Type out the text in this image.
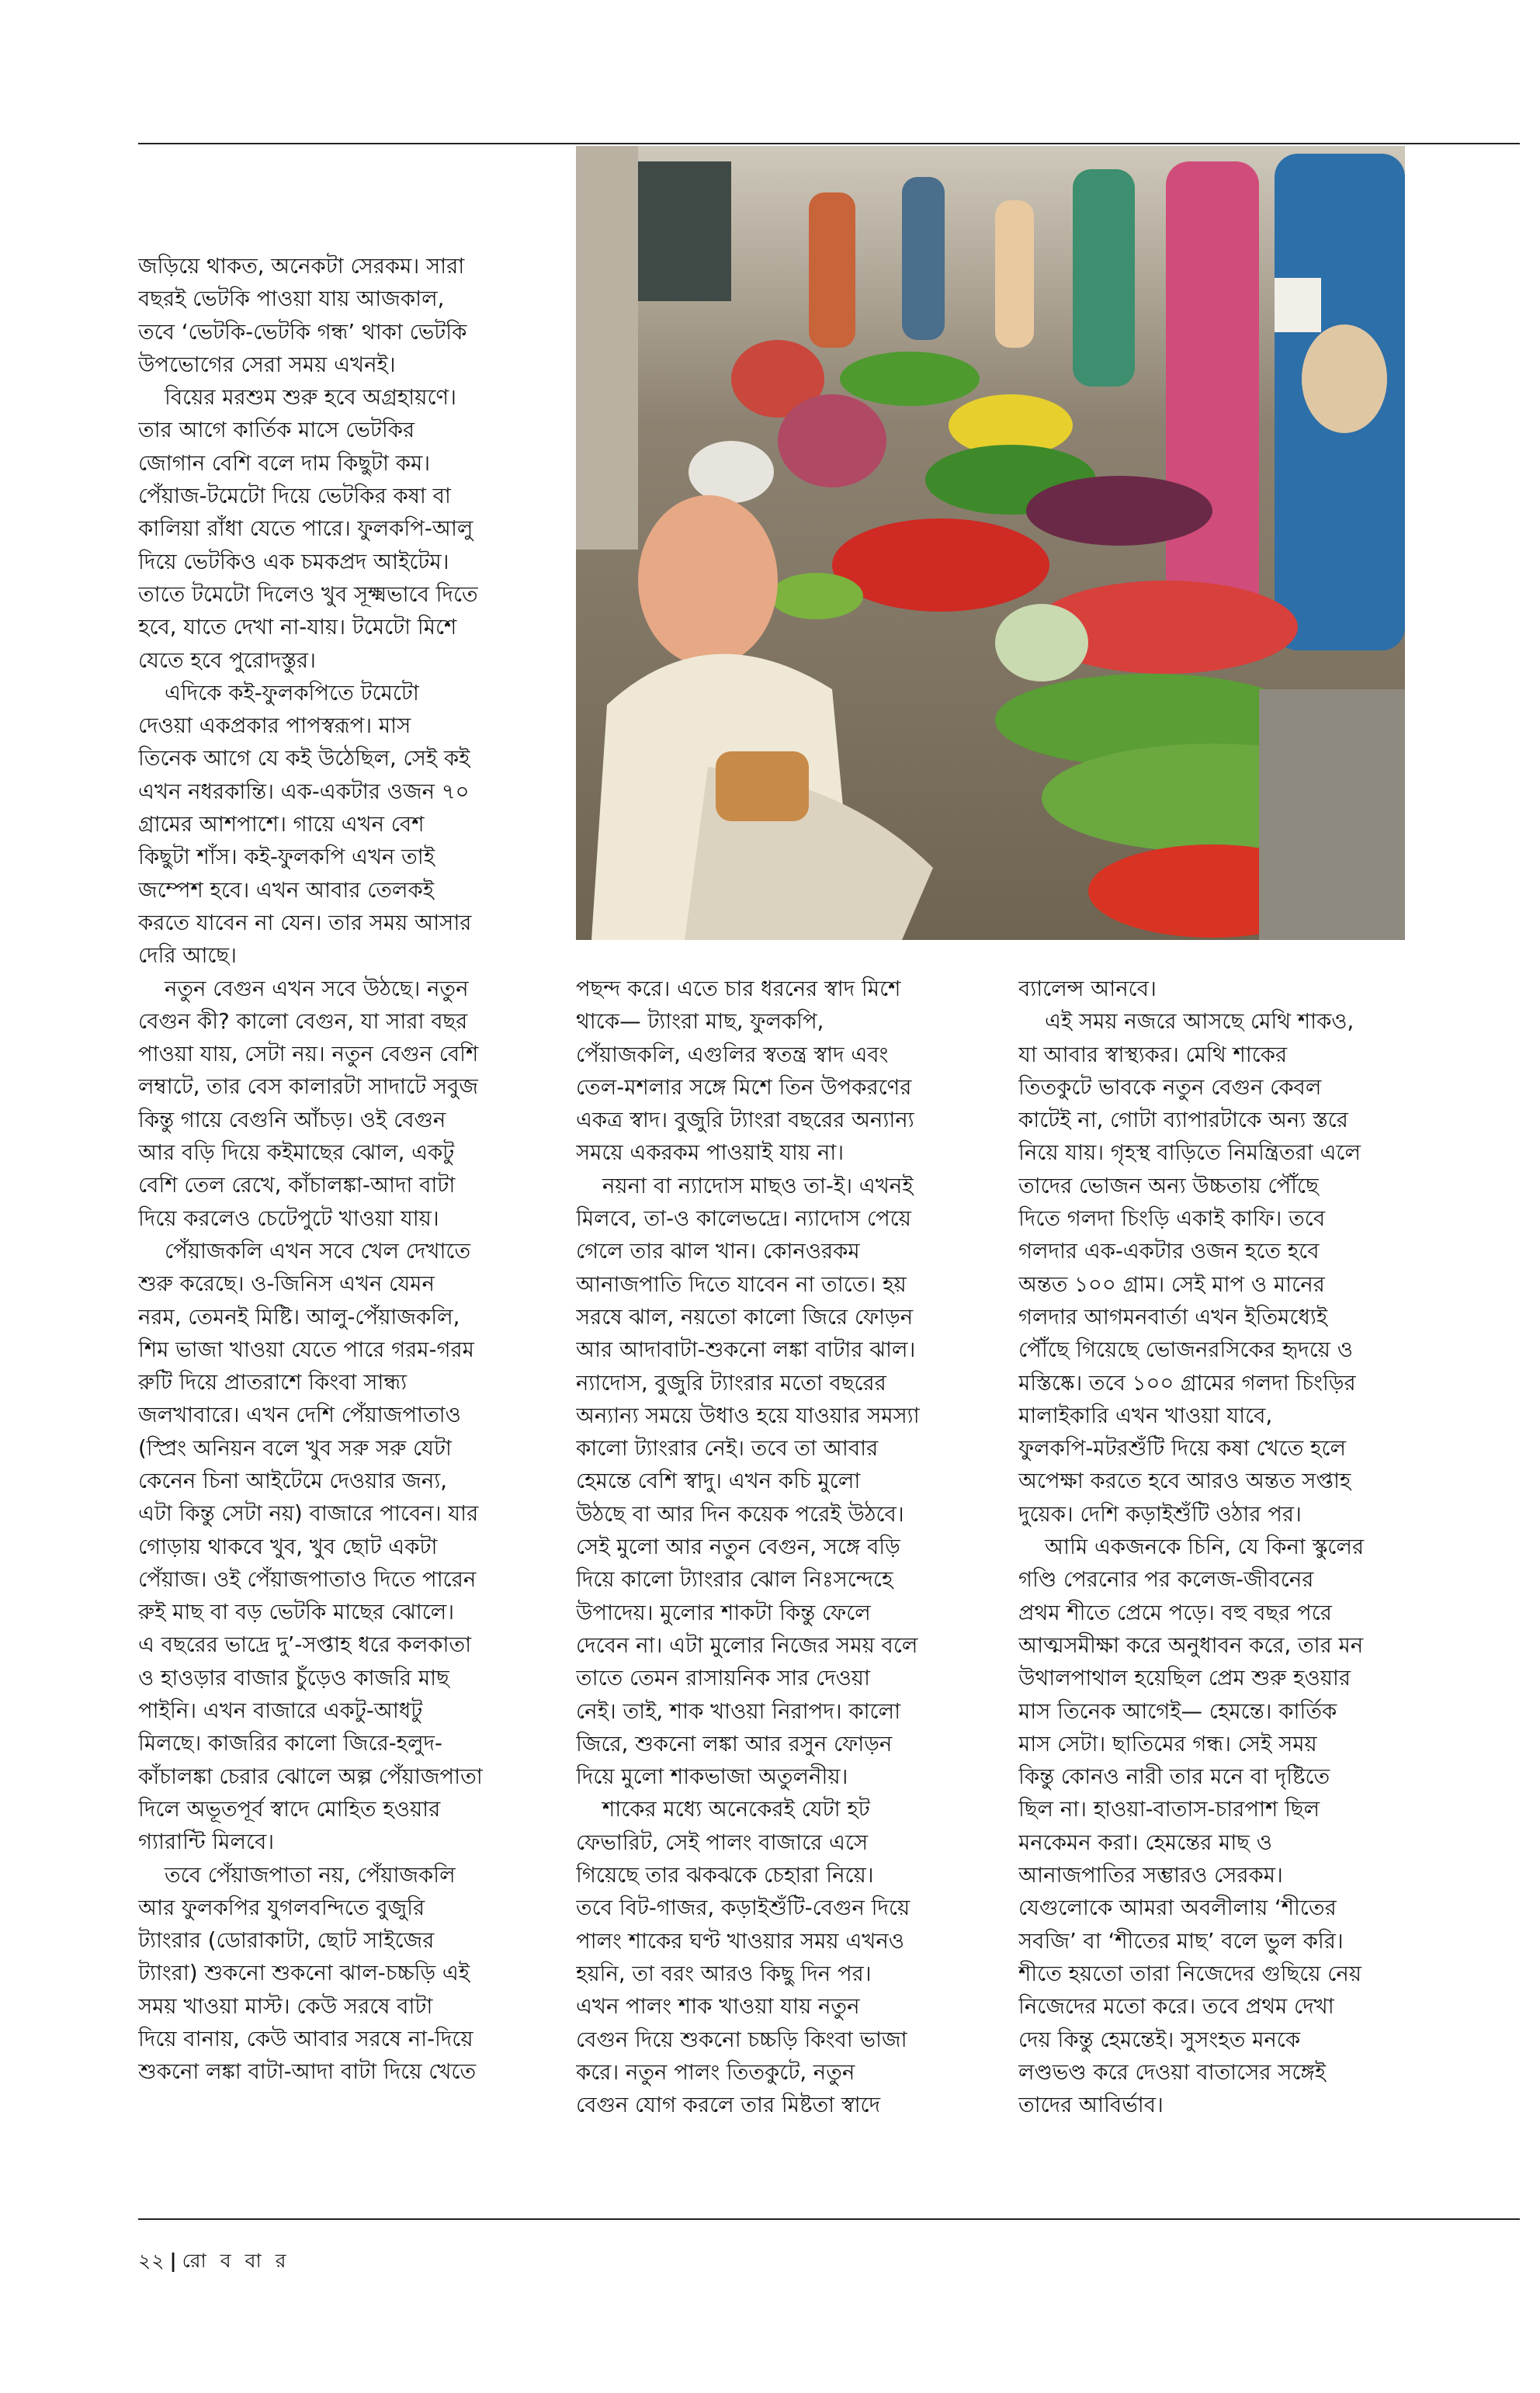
জড়িয়ে থাকত, অনেকটা সেরকম। সারা
বছরই ভেটকি পাওয়া যায় আজকাল,
তবে ‘ভেটকি-ভেটকি গন্ধ’ থাকা ভেটকি
উপভোগের সেরা সময় এখনই।
বিয়ের মরশুম শুরু হবে অগ্রহায়ণে।
তার আগে কার্তিক মাসে ভেটকির
জোগান বেশি বলে দাম কিছুটা কম।
পেঁয়াজ-টমেটো দিয়ে ভেটকির কষা বা
কালিয়া রাঁধা যেতে পারে। ফুলকপি-আলু
দিয়ে ভেটকিও এক চমকপ্রদ আইটেম।
তাতে টমেটো দিলেও খুব সূক্ষ্মভাবে দিতে
হবে, যাতে দেখা না-যায়। টমেটো মিশে
যেতে হবে পুরোদস্তুর।
এদিকে কই-ফুলকপিতে টমেটো
দেওয়া একপ্রকার পাপস্বরূপ। মাস
তিনেক আগে যে কই উঠেছিল, সেই কই
এখন নধরকান্তি। এক-একটার ওজন ৭০
গ্রামের আশপাশে। গায়ে এখন বেশ
কিছুটা শাঁস। কই-ফুলকপি এখন তাই
জম্পেশ হবে। এখন আবার তেলকই
করতে যাবেন না যেন। তার সময় আসার
দেরি আছে।
নতুন বেগুন এখন সবে উঠছে। নতুন
বেগুন কী? কালো বেগুন, যা সারা বছর
পাওয়া যায়, সেটা নয়। নতুন বেগুন বেশি
লম্বাটে, তার বেস কালারটা সাদাটে সবুজ
কিন্তু গায়ে বেগুনি আঁচড়। ওই বেগুন
আর বড়ি দিয়ে কইমাছের ঝোল, একটু
বেশি তেল রেখে, কাঁচালঙ্কা-আদা বাটা
দিয়ে করলেও চেটেপুটে খাওয়া যায়।
পেঁয়াজকলি এখন সবে খেল দেখাতে
শুরু করেছে। ও-জিনিস এখন যেমন
নরম, তেমনই মিষ্টি। আলু-পেঁয়াজকলি,
শিম ভাজা খাওয়া যেতে পারে গরম-গরম
রুটি দিয়ে প্রাতরাশে কিংবা সান্ধ্য
জলখাবারে। এখন দেশি পেঁয়াজপাতাও
(স্প্রিং অনিয়ন বলে খুব সরু সরু যেটা
কেনেন চিনা আইটেমে দেওয়ার জন্য,
এটা কিন্তু সেটা নয়) বাজারে পাবেন। যার
গোড়ায় থাকবে খুব, খুব ছোট একটা
পেঁয়াজ। ওই পেঁয়াজপাতাও দিতে পারেন
রুই মাছ বা বড় ভেটকি মাছের ঝোলে।
এ বছরের ভাদ্রে দু’-সপ্তাহ ধরে কলকাতা
ও হাওড়ার বাজার চুঁড়েও কাজরি মাছ
পাইনি। এখন বাজারে একটু-আধটু
মিলছে। কাজরির কালো জিরে-হলুদ-
কাঁচালঙ্কা চেরার ঝোলে অল্প পেঁয়াজপাতা
দিলে অভূতপূর্ব স্বাদে মোহিত হওয়ার
গ্যারান্টি মিলবে।
তবে পেঁয়াজপাতা নয়, পেঁয়াজকলি
আর ফুলকপির যুগলবন্দিতে বুজুরি
ট্যাংরার (ডোরাকাটা, ছোট সাইজের
ট্যাংরা) শুকনো শুকনো ঝাল-চচ্চড়ি এই
সময় খাওয়া মাস্ট। কেউ সরষে বাটা
দিয়ে বানায়, কেউ আবার সরষে না-দিয়ে
শুকনো লঙ্কা বাটা-আদা বাটা দিয়ে খেতে
পছন্দ করে। এতে চার ধরনের স্বাদ মিশে
থাকে— ট্যাংরা মাছ, ফুলকপি,
পেঁয়াজকলি, এগুলির স্বতন্ত্র স্বাদ এবং
তেল-মশলার সঙ্গে মিশে তিন উপকরণের
একত্র স্বাদ। বুজুরি ট্যাংরা বছরের অন্যান্য
সময়ে একরকম পাওয়াই যায় না।
নয়না বা ন্যাদোস মাছও তা-ই। এখনই
মিলবে, তা-ও কালেভদ্রে। ন্যাদোস পেয়ে
গেলে তার ঝাল খান। কোনওরকম
আনাজপাতি দিতে যাবেন না তাতে। হয়
সরষে ঝাল, নয়তো কালো জিরে ফোড়ন
আর আদাবাটা-শুকনো লঙ্কা বাটার ঝাল।
ন্যাদোস, বুজুরি ট্যাংরার মতো বছরের
অন্যান্য সময়ে উধাও হয়ে যাওয়ার সমস্যা
কালো ট্যাংরার নেই। তবে তা আবার
হেমন্তে বেশি স্বাদু। এখন কচি মুলো
উঠছে বা আর দিন কয়েক পরেই উঠবে।
সেই মুলো আর নতুন বেগুন, সঙ্গে বড়ি
দিয়ে কালো ট্যাংরার ঝোল নিঃসন্দেহে
উপাদেয়। মুলোর শাকটা কিন্তু ফেলে
দেবেন না। এটা মুলোর নিজের সময় বলে
তাতে তেমন রাসায়নিক সার দেওয়া
নেই। তাই, শাক খাওয়া নিরাপদ। কালো
জিরে, শুকনো লঙ্কা আর রসুন ফোড়ন
দিয়ে মুলো শাকভাজা অতুলনীয়।
শাকের মধ্যে অনেকেরই যেটা হট
ফেভারিট, সেই পালং বাজারে এসে
গিয়েছে তার ঝকঝকে চেহারা নিয়ে।
তবে বিট-গাজর, কড়াইশুঁটি-বেগুন দিয়ে
পালং শাকের ঘণ্ট খাওয়ার সময় এখনও
হয়নি, তা বরং আরও কিছু দিন পর।
এখন পালং শাক খাওয়া যায় নতুন
বেগুন দিয়ে শুকনো চচ্চড়ি কিংবা ভাজা
করে। নতুন পালং তিতকুটে, নতুন
বেগুন যোগ করলে তার মিষ্টতা স্বাদে
ব্যালেন্স আনবে।
এই সময় নজরে আসছে মেথি শাকও,
যা আবার স্বাস্থ্যকর। মেথি শাকের
তিতকুটে ভাবকে নতুন বেগুন কেবল
কাটেই না, গোটা ব্যাপারটাকে অন্য স্তরে
নিয়ে যায়। গৃহস্থ বাড়িতে নিমন্ত্রিতরা এলে
তাদের ভোজন অন্য উচ্চতায় পৌঁছে
দিতে গলদা চিংড়ি একাই কাফি। তবে
গলদার এক-একটার ওজন হতে হবে
অন্তত ১০০ গ্রাম। সেই মাপ ও মানের
গলদার আগমনবার্তা এখন ইতিমধ্যেই
পৌঁছে গিয়েছে ভোজনরসিকের হৃদয়ে ও
মস্তিষ্কে। তবে ১০০ গ্রামের গলদা চিংড়ির
মালাইকারি এখন খাওয়া যাবে,
ফুলকপি-মটরশুঁটি দিয়ে কষা খেতে হলে
অপেক্ষা করতে হবে আরও অন্তত সপ্তাহ
দুয়েক। দেশি কড়াইশুঁটি ওঠার পর।
আমি একজনকে চিনি, যে কিনা স্কুলের
গণ্ডি পেরনোর পর কলেজ-জীবনের
প্রথম শীতে প্রেমে পড়ে। বহু বছর পরে
আত্মসমীক্ষা করে অনুধাবন করে, তার মন
উথালপাথাল হয়েছিল প্রেম শুরু হওয়ার
মাস তিনেক আগেই— হেমন্তে। কার্তিক
মাস সেটা। ছাতিমের গন্ধ। সেই সময়
কিন্তু কোনও নারী তার মনে বা দৃষ্টিতে
ছিল না। হাওয়া-বাতাস-চারপাশ ছিল
মনকেমন করা। হেমন্তের মাছ ও
আনাজপাতির সম্ভারও সেরকম।
যেগুলোকে আমরা অবলীলায় ‘শীতের
সবজি’ বা ‘শীতের মাছ’ বলে ভুল করি।
শীতে হয়তো তারা নিজেদের গুছিয়ে নেয়
নিজেদের মতো করে। তবে প্রথম দেখা
দেয় কিন্তু হেমন্তেই। সুসংহত মনকে
লণ্ডভণ্ড করে দেওয়া বাতাসের সঙ্গেই
তাদের আবির্ভাব।
২২ | রো ব বা র
